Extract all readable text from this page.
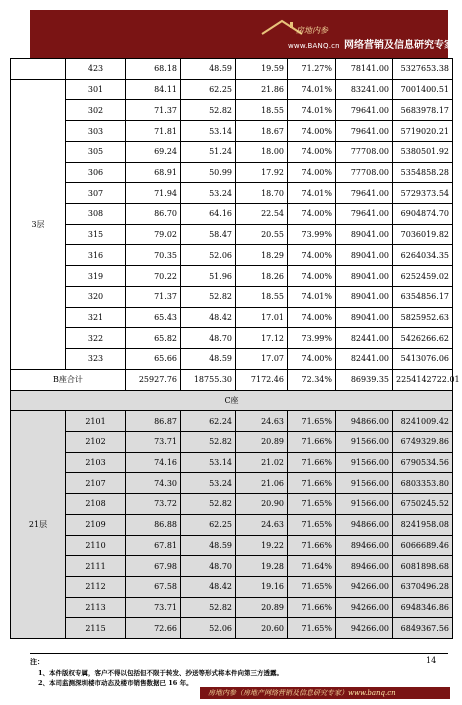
房地内参
www.BANQ.cn 网络营销及信息研究专家
	423	68.18	48.59	19.59	71.27%	78141.00	5327653.38
3层	301	84.11	62.25	21.86	74.01%	83241.00	7001400.51
	302	71.37	52.82	18.55	74.01%	79641.00	5683978.17
	303	71.81	53.14	18.67	74.00%	79641.00	5719020.21
	305	69.24	51.24	18.00	74.00%	77708.00	5380501.92
	306	68.91	50.99	17.92	74.00%	77708.00	5354858.28
	307	71.94	53.24	18.70	74.01%	79641.00	5729373.54
	308	86.70	64.16	22.54	74.00%	79641.00	6904874.70
	315	79.02	58.47	20.55	73.99%	89041.00	7036019.82
	316	70.35	52.06	18.29	74.00%	89041.00	6264034.35
	319	70.22	51.96	18.26	74.00%	89041.00	6252459.02
	320	71.37	52.82	18.55	74.01%	89041.00	6354856.17
	321	65.43	48.42	17.01	74.00%	89041.00	5825952.63
	322	65.82	48.70	17.12	73.99%	82441.00	5426266.62
	323	65.66	48.59	17.07	74.00%	82441.00	5413076.06
B座合计		25927.76	18755.30	7172.46	72.34%	86939.35	2254142722.01
C座							
21层	2101	86.87	62.24	24.63	71.65%	94866.00	8241009.42
	2102	73.71	52.82	20.89	71.66%	91566.00	6749329.86
	2103	74.16	53.14	21.02	71.66%	91566.00	6790534.56
	2107	74.30	53.24	21.06	71.66%	91566.00	6803353.80
	2108	73.72	52.82	20.90	71.65%	91566.00	6750245.52
	2109	86.88	62.25	24.63	71.65%	94866.00	8241958.08
	2110	67.81	48.59	19.22	71.66%	89466.00	6066689.46
	2111	67.98	48.70	19.28	71.64%	89466.00	6081898.68
	2112	67.58	48.42	19.16	71.65%	94266.00	6370496.28
	2113	73.71	52.82	20.89	71.66%	94266.00	6948346.86
	2115	72.66	52.06	20.60	71.65%	94266.00	6849367.56
注：
1、本件版权专属，客户不得以包括但不限于转发、抄送等形式将本件向第三方透露。
2、本司监测深圳楼市动态及楼市销售数据已 16 年。
房地内参（房地产网络营销及信息研究专家）www.banq.cn
14
